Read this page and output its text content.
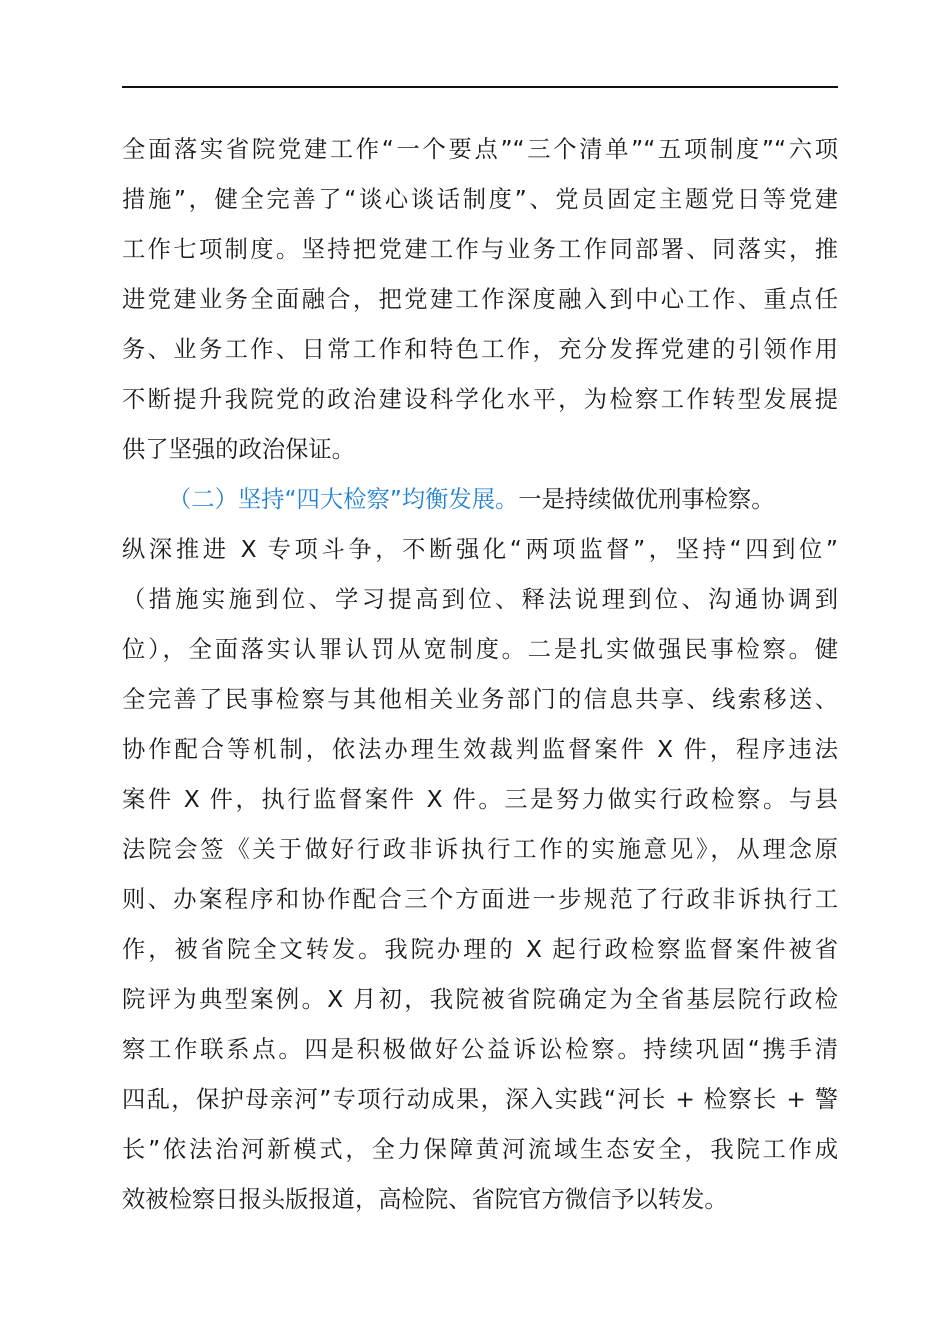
全面落实省院党建工作“一个要点”“三个清单”“五项制度”“六项
措施”，健全完善了“谈心谈话制度”、党员固定主题党日等党建
工作七项制度。坚持把党建工作与业务工作同部署、同落实，推
进党建业务全面融合，把党建工作深度融入到中心工作、重点任
务、业务工作、日常工作和特色工作，充分发挥党建的引领作用
不断提升我院党的政治建设科学化水平，为检察工作转型发展提
供了坚强的政治保证。
（二）坚持“四大检察”均衡发展。一是持续做优刑事检察。
纵深推进 X 专项斗争，不断强化“两项监督”，坚持“四到位”
（措施实施到位、学习提高到位、释法说理到位、沟通协调到
位），全面落实认罪认罚从宽制度。二是扎实做强民事检察。健
全完善了民事检察与其他相关业务部门的信息共享、线索移送、
协作配合等机制，依法办理生效裁判监督案件 X 件，程序违法
案件 X 件，执行监督案件 X 件。三是努力做实行政检察。与县
法院会签《关于做好行政非诉执行工作的实施意见》，从理念原
则、办案程序和协作配合三个方面进一步规范了行政非诉执行工
作，被省院全文转发。我院办理的 X 起行政检察监督案件被省
院评为典型案例。X 月初，我院被省院确定为全省基层院行政检
察工作联系点。四是积极做好公益诉讼检察。持续巩固“携手清
四乱，保护母亲河”专项行动成果，深入实践“河长 + 检察长 + 警
长”依法治河新模式，全力保障黄河流域生态安全，我院工作成
效被检察日报头版报道，高检院、省院官方微信予以转发。
